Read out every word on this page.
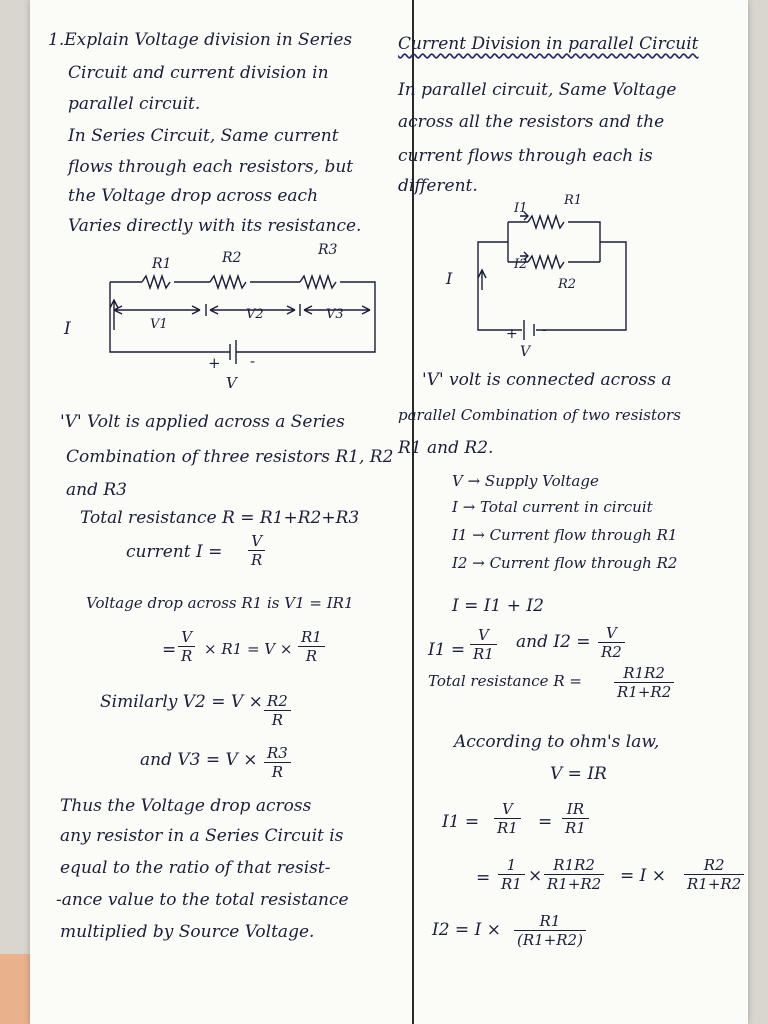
1.Explain Voltage division in Series
Circuit and current division in
parallel circuit.
In Series Circuit, Same current
flows through each resistors, but
the Voltage drop across each
Varies directly with its resistance.
R1	R2	R3
V1
V2	V3
I
+ -
V
'V' Volt is applied across a Series
Combination of three resistors R1, R2
and R3
Total resistance R = R1+R2+R3
current $I = \frac{V}{R}$
Voltage drop across R1 is V1 = IR1
= $\frac{V}{R} \times R1 = V \times \frac{R1}{R}$
Similarly $V2 = V \times \frac{R2}{R}$
and $V3 = V \times \frac{R3}{R}$
Thus the Voltage drop across
any resistor in a Series Circuit is
equal to the ratio of that resist-
-ance value to the total resistance
multiplied by Source Voltage.
Current Division in parallel Circuit
In parallel circuit, Same Voltage
across all the resistors and the
current flows through each is
different.
I1
R1
I2
R2
I
+ -
V
'V' volt is connected across a
parallel Combination of two resistors
R1 and R2.
V → Supply Voltage
I → Total current in circuit
I1 → Current flow through R1
I2 → Current flow through R2
I = I1 + I2
$I1 = \frac{V}{R1}$ and $I2 = \frac{V}{R2}$
Total resistance $R = \frac{R1R2}{R1+R2}$
According to ohm's law,
V = IR
$I1 = \frac{V}{R1} = \frac{IR}{R1}$
= $\frac{1}{R1} \times \frac{R1R2}{R1+R2} = I \times \frac{R2}{R1+R2}$
$I2 = I \times \frac{R1}{(R1+R2)}$
